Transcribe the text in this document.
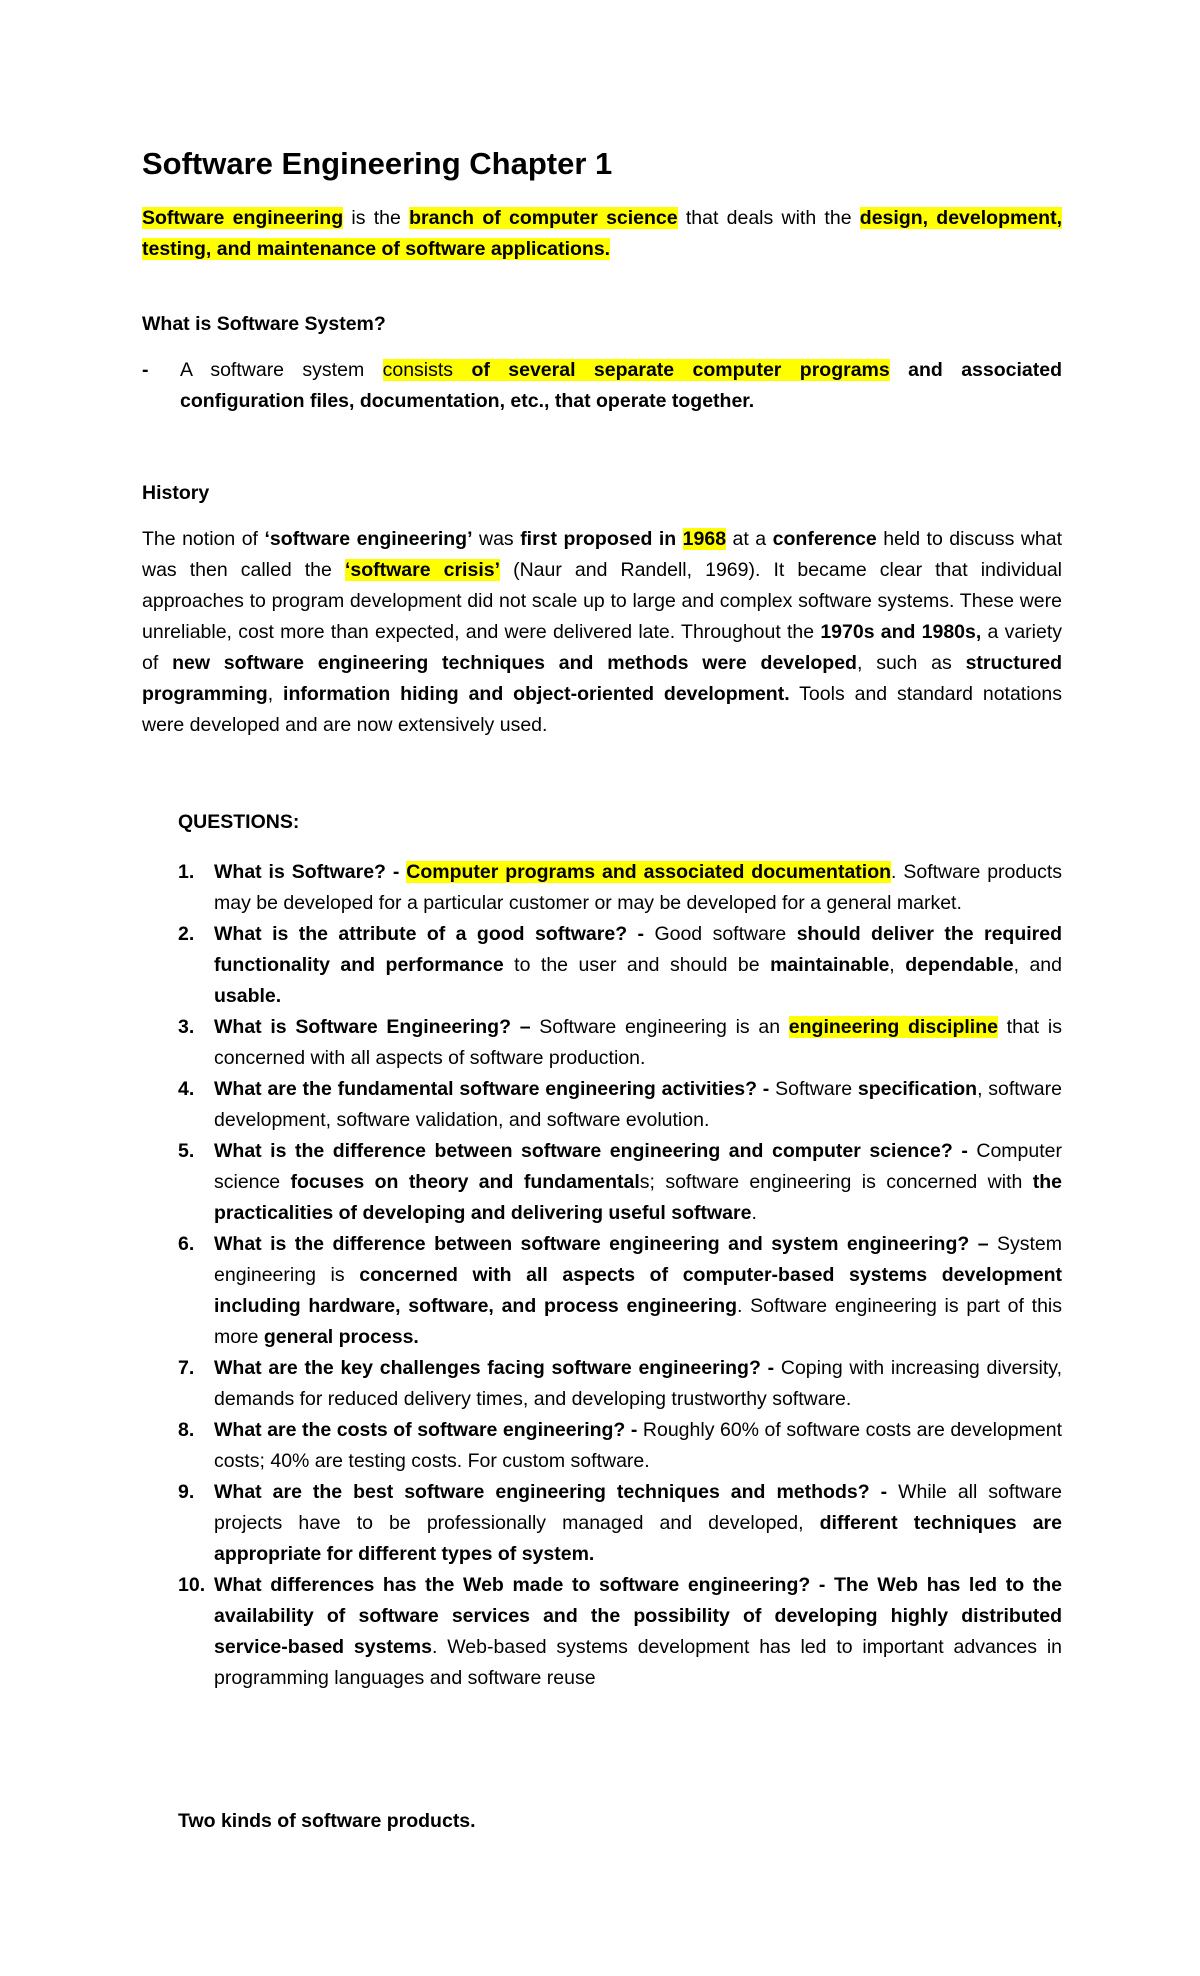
Software Engineering Chapter 1

Software engineering is the branch of computer science that deals with the design, development, testing, and maintenance of software applications.

What is Software System?

- A software system consists of several separate computer programs and associated configuration files, documentation, etc., that operate together.

History

The notion of ‘software engineering’ was first proposed in 1968 at a conference held to discuss what was then called the ‘software crisis’ (Naur and Randell, 1969). It became clear that individual approaches to program development did not scale up to large and complex software systems. These were unreliable, cost more than expected, and were delivered late. Throughout the 1970s and 1980s, a variety of new software engineering techniques and methods were developed, such as structured programming, information hiding and object-oriented development. Tools and standard notations were developed and are now extensively used.

QUESTIONS:

1.	What is Software? - Computer programs and associated documentation. Software products may be developed for a particular customer or may be developed for a general market.
2.	What is the attribute of a good software? - Good software should deliver the required functionality and performance to the user and should be maintainable, dependable, and usable.
3.	What is Software Engineering? – Software engineering is an engineering discipline that is concerned with all aspects of software production.
4.	What are the fundamental software engineering activities? - Software specification, software development, software validation, and software evolution.
5.	What is the difference between software engineering and computer science? - Computer science focuses on theory and fundamentals; software engineering is concerned with the practicalities of developing and delivering useful software.
6.	What is the difference between software engineering and system engineering? – System engineering is concerned with all aspects of computer-based systems development including hardware, software, and process engineering. Software engineering is part of this more general process.
7.	What are the key challenges facing software engineering? - Coping with increasing diversity, demands for reduced delivery times, and developing trustworthy software.
8.	What are the costs of software engineering? - Roughly 60% of software costs are development costs; 40% are testing costs. For custom software.
9.	What are the best software engineering techniques and methods? - While all software projects have to be professionally managed and developed, different techniques are appropriate for different types of system.
10. What differences has the Web made to software engineering? - The Web has led to the availability of software services and the possibility of developing highly distributed service-based systems. Web-based systems development has led to important advances in programming languages and software reuse

Two kinds of software products.
